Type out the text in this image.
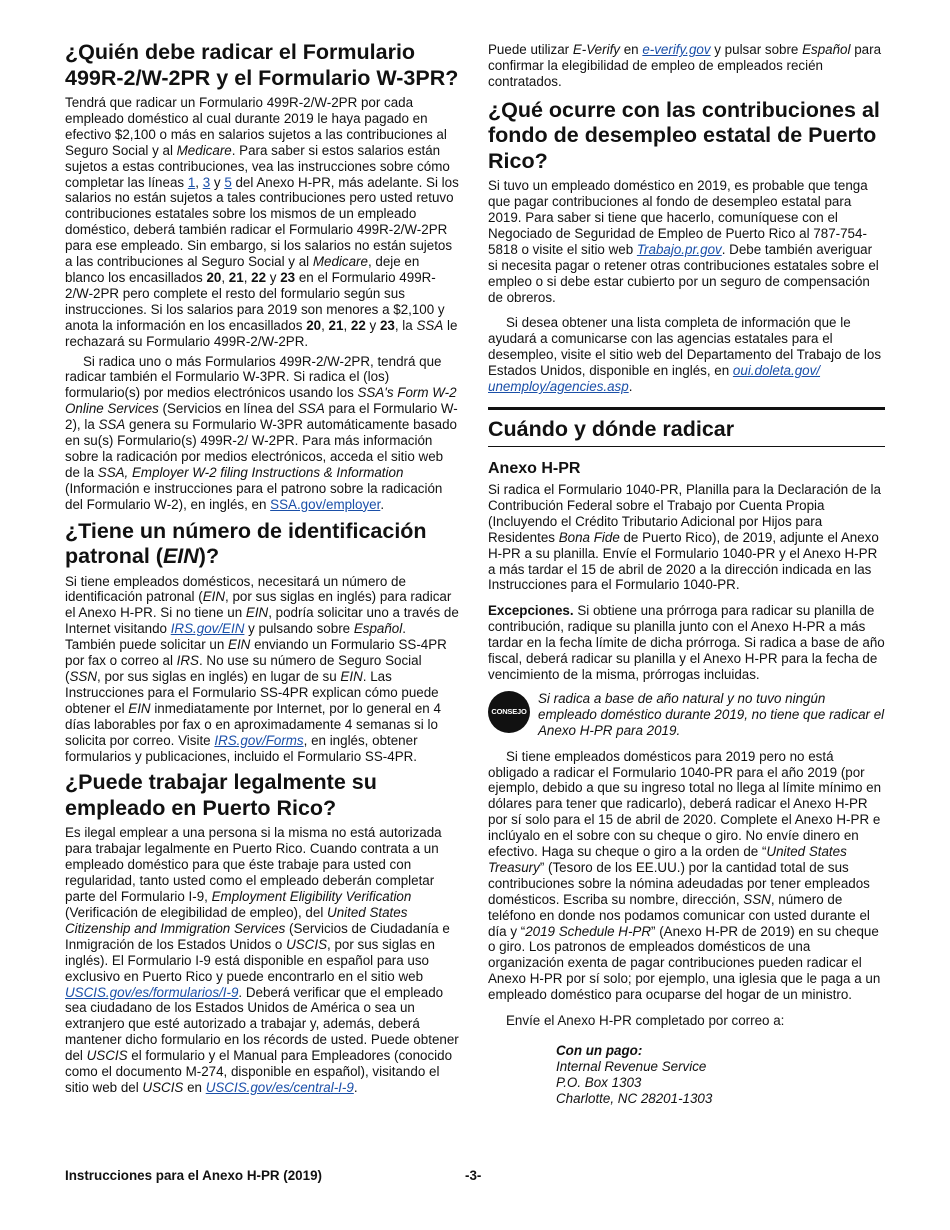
¿Quién debe radicar el Formulario 499R-2/W-2PR y el Formulario W-3PR?

Tendrá que radicar un Formulario 499R-2/W-2PR por cada empleado doméstico al cual durante 2019 le haya pagado en efectivo $2,100 o más en salarios sujetos a las contribuciones al Seguro Social y al Medicare. Para saber si estos salarios están sujetos a estas contribuciones, vea las instrucciones sobre cómo completar las líneas 1, 3 y 5 del Anexo H-PR, más adelante. Si los salarios no están sujetos a tales contribuciones pero usted retuvo contribuciones estatales sobre los mismos de un empleado doméstico, deberá también radicar el Formulario 499R-2/W-2PR para ese empleado. Sin embargo, si los salarios no están sujetos a las contribuciones al Seguro Social y al Medicare, deje en blanco los encasillados 20, 21, 22 y 23 en el Formulario 499R-2/W-2PR pero complete el resto del formulario según sus instrucciones. Si los salarios para 2019 son menores a $2,100 y anota la información en los encasillados 20, 21, 22 y 23, la SSA le rechazará su Formulario 499R-2/W-2PR.

Si radica uno o más Formularios 499R-2/W-2PR, tendrá que radicar también el Formulario W-3PR. Si radica el (los) formulario(s) por medios electrónicos usando los SSA's Form W-2 Online Services (Servicios en línea del SSA para el Formulario W-2), la SSA genera su Formulario W-3PR automáticamente basado en su(s) Formulario(s) 499R-2/ W-2PR. Para más información sobre la radicación por medios electrónicos, acceda el sitio web de la SSA, Employer W-2 filing Instructions & Information (Información e instrucciones para el patrono sobre la radicación del Formulario W-2), en inglés, en SSA.gov/employer.

¿Tiene un número de identificación patronal (EIN)?

Si tiene empleados domésticos, necesitará un número de identificación patronal (EIN, por sus siglas en inglés) para radicar el Anexo H-PR. Si no tiene un EIN, podría solicitar uno a través de Internet visitando IRS.gov/EIN y pulsando sobre Español. También puede solicitar un EIN enviando un Formulario SS-4PR por fax o correo al IRS. No use su número de Seguro Social (SSN, por sus siglas en inglés) en lugar de su EIN. Las Instrucciones para el Formulario SS-4PR explican cómo puede obtener el EIN inmediatamente por Internet, por lo general en 4 días laborables por fax o en aproximadamente 4 semanas si lo solicita por correo. Visite IRS.gov/Forms, en inglés, obtener formularios y publicaciones, incluido el Formulario SS-4PR.

¿Puede trabajar legalmente su empleado en Puerto Rico?

Es ilegal emplear a una persona si la misma no está autorizada para trabajar legalmente en Puerto Rico. Cuando contrata a un empleado doméstico para que éste trabaje para usted con regularidad, tanto usted como el empleado deberán completar parte del Formulario I-9, Employment Eligibility Verification (Verificación de elegibilidad de empleo), del United States Citizenship and Immigration Services (Servicios de Ciudadanía e Inmigración de los Estados Unidos o USCIS, por sus siglas en inglés). El Formulario I-9 está disponible en español para uso exclusivo en Puerto Rico y puede encontrarlo en el sitio web USCIS.gov/es/formularios/I-9. Deberá verificar que el empleado sea ciudadano de los Estados Unidos de América o sea un extranjero que esté autorizado a trabajar y, además, deberá mantener dicho formulario en los récords de usted. Puede obtener del USCIS el formulario y el Manual para Empleadores (conocido como el documento M-274, disponible en español), visitando el sitio web del USCIS en USCIS.gov/es/central-I-9.

Puede utilizar E-Verify en e-verify.gov y pulsar sobre Español para confirmar la elegibilidad de empleo de empleados recién contratados.

¿Qué ocurre con las contribuciones al fondo de desempleo estatal de Puerto Rico?

Si tuvo un empleado doméstico en 2019, es probable que tenga que pagar contribuciones al fondo de desempleo estatal para 2019. Para saber si tiene que hacerlo, comuníquese con el Negociado de Seguridad de Empleo de Puerto Rico al 787-754-5818 o visite el sitio web Trabajo.pr.gov. Debe también averiguar si necesita pagar o retener otras contribuciones estatales sobre el empleo o si debe estar cubierto por un seguro de compensación de obreros.

Si desea obtener una lista completa de información que le ayudará a comunicarse con las agencias estatales para el desempleo, visite el sitio web del Departamento del Trabajo de los Estados Unidos, disponible en inglés, en oui.doleta.gov/ unemploy/agencies.asp.

Cuándo y dónde radicar
Anexo H-PR

Si radica el Formulario 1040-PR, Planilla para la Declaración de la Contribución Federal sobre el Trabajo por Cuenta Propia (Incluyendo el Crédito Tributario Adicional por Hijos para Residentes Bona Fide de Puerto Rico), de 2019, adjunte el Anexo H-PR a su planilla. Envíe el Formulario 1040-PR y el Anexo H-PR a más tardar el 15 de abril de 2020 a la dirección indicada en las Instrucciones para el Formulario 1040-PR.

Excepciones. Si obtiene una prórroga para radicar su planilla de contribución, radique su planilla junto con el Anexo H-PR a más tardar en la fecha límite de dicha prórroga. Si radica a base de año fiscal, deberá radicar su planilla y el Anexo H-PR para la fecha de vencimiento de la misma, prórrogas incluidas.

CONSEJO
Si radica a base de año natural y no tuvo ningún empleado doméstico durante 2019, no tiene que radicar el Anexo H-PR para 2019.

Si tiene empleados domésticos para 2019 pero no está obligado a radicar el Formulario 1040-PR para el año 2019 (por ejemplo, debido a que su ingreso total no llega al límite mínimo en dólares para tener que radicarlo), deberá radicar el Anexo H-PR por sí solo para el 15 de abril de 2020. Complete el Anexo H-PR e inclúyalo en el sobre con su cheque o giro. No envíe dinero en efectivo. Haga su cheque o giro a la orden de “United States Treasury” (Tesoro de los EE.UU.) por la cantidad total de sus contribuciones sobre la nómina adeudadas por tener empleados domésticos. Escriba su nombre, dirección, SSN, número de teléfono en donde nos podamos comunicar con usted durante el día y “2019 Schedule H-PR” (Anexo H-PR de 2019) en su cheque o giro. Los patronos de empleados domésticos de una organización exenta de pagar contribuciones pueden radicar el Anexo H-PR por sí solo; por ejemplo, una iglesia que le paga a un empleado doméstico para ocuparse del hogar de un ministro.

Envíe el Anexo H-PR completado por correo a:

Con un pago:
Internal Revenue Service
P.O. Box 1303
Charlotte, NC 28201-1303
Instrucciones para el Anexo H-PR (2019)	-3-
